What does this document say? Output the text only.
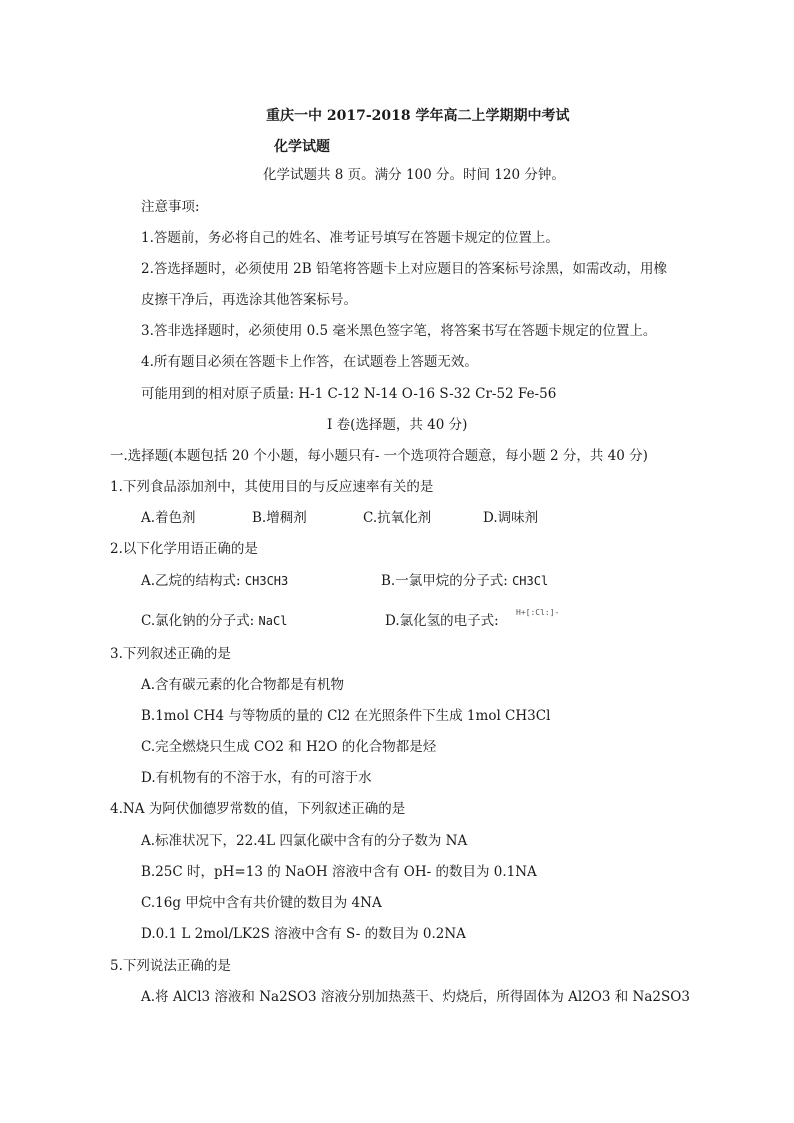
重庆一中 2017-2018 学年高二上学期期中考试
化学试题
化学试题共 8 页。满分 100 分。时间 120 分钟。
注意事项:
1.答题前，务必将自己的姓名、准考证号填写在答题卡规定的位置上。
2.答选择题时，必须使用 2B 铅笔将答题卡上对应题目的答案标号涂黑，如需改动，用橡
皮擦干净后，再选涂其他答案标号。
3.答非选择题时，必须使用 0.5 毫米黑色签字笔，将答案书写在答题卡规定的位置上。
4.所有题目必须在答题卡上作答，在试题卷上答题无效。
可能用到的相对原子质量: H-1 C-12 N-14 O-16 S-32 Cr-52 Fe-56
I 卷(选择题，共 40 分)
一.选择题(本题包括 20 个小题，每小题只有- 一个选项符合题意，每小题 2 分，共 40 分)
1.下列食品添加剂中，其使用目的与反应速率有关的是
A.着色剂	B.增稠剂	C.抗氧化剂	D.调味剂
2.以下化学用语正确的是
A.乙烷的结构式: CH3CH3	B.一氯甲烷的分子式: CH3Cl
C.氯化钠的分子式: NaCl	D.氯化氢的电子式:
H+[:Cl:]-
3.下列叙述正确的是
A.含有碳元素的化合物都是有机物
B.1mol CH4 与等物质的量的 Cl2 在光照条件下生成 1mol CH3Cl
C.完全燃烧只生成 CO2 和 H2O 的化合物都是烃
D.有机物有的不溶于水，有的可溶于水
4.NA 为阿伏伽德罗常数的值，下列叙述正确的是
A.标准状况下，22.4L 四氯化碳中含有的分子数为 NA
B.25C 时，pH=13 的 NaOH 溶液中含有 OH- 的数目为 0.1NA
C.16g 甲烷中含有共价键的数目为 4NA
D.0.1 L 2mol/LK2S 溶液中含有 S- 的数目为 0.2NA
5.下列说法正确的是
A.将 AlCl3 溶液和 Na2SO3 溶液分别加热蒸干、灼烧后，所得固体为 Al2O3 和 Na2SO3
